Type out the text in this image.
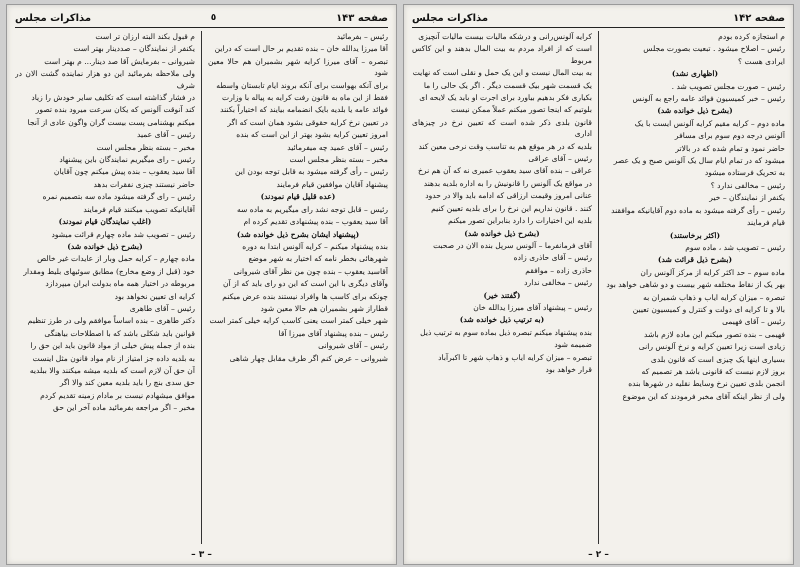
صفحه ۱۴۳
٥
مذاکرات مجلس

رئیس – بفرمائید

آقا میرزا یدالله خان – بنده تقدیم بر حال است که دراین

تبصره – آقای میرزا کرایه شهر بشمیران هم حالا معین شود

برای آنکه بهواست برای آنکه بروند ایام تابستان واسطه

فقط از این ماه به قانون رفت کرایه به پیاله با وزارت

فوائد عامه یا بلدیه بایک انضمامه بیایند که اختیاراً بکنند

در تعیین نرخ کرایه حقوقی بشود همان است که اگر

امروز تعیین کرایه بشود بهتر از این است که بنده

رئیس – آقای عمید چه میفرمائید

مخبر – بسته بنظر مجلس است

رئیس – رأی گرفته میشود به قابل توجه بودن این

پیشنهاد آقایان موافقین قیام فرمایند

(عده قلیل قیام نمودند)

رئیس – قابل توجه نشد رای میگیریم به ماده سه

آقا سید یعقوب – بنده پیشنهادی تقدیم کرده ام

(پیشنهاد ایشان بشرح ذیل خوانده شد)

بنده پیشنهاد میکنم – کرایه آلونس ابتدا به دوره

شهرهائی بخطر نامه که اختیار به شهر موضع

آقاسید یعقوب – بنده چون من نظر آقای شیروانی

وآقای دیگری با این است که این دو رای باید که از آن

چونکه برای کاسب ها وافراد نیستند بنده عرض میکنم

قطاراز شهر بشمیران هم حالا معین شود

شهر خیلی کمتر است یعنی کاسب کرایه خیلی کمتر است

رئیس – بنده پیشنهاد آقای میرزا آقا

رئیس – آقای شیروانی

شیروانی – عرض کنم اگر طرف مقابل چهار شاهی

م قبول بکند البته ارزان تر است

یکنفر از نمایندگان – صددینار بهتر است

شیروانی – بفرمایش آقا صد دینار... م بهتر است

ولی ملاحظه بفرمائید این دو هزار نماینده گشت الان در شرف

در فشار گذاشته است که تکلیف سایر خودش را زیاد

کند آنوقت آلونس که یکان سرعت میرود بنده تصور

میکنم بهشنامی پست بیست گران واگون عادی از آنجا

رئیس – آقای عمید

مخبر – بسته بنظر مجلس است

رئیس – رای میگیریم نمایندگان باین پیشنهاد

آقا سید یعقوب – بنده پیش میکنم چون آقایان

حاضر نیستند چیزی نفقرات بدهد

رئیس – رای گرفته میشود ماده سه بتصمیم نمره

آقایانیکه تصویب میکنند قیام فرمایند

(اغلب نمایندگان قیام نمودند)

رئیس – تصویب شد ماده چهارم قرائت میشود

(بشرح ذیل خوانده شد)

ماده چهارم – کرایه حمل وبار از عایدات غیر خالص

خود (قبل از وضع مخارج) مطابق سوئیهای بلیط ومقدار

مربوطه در اختیار همه ماه بدولت ایران میپردازد

کرایه ای تعیین نخواهد بود

رئیس – آقای طاهری

دکتر طاهری – بنده اساساً موافقم ولی در طرز تنظیم

قوانین باید شکلی باشد که با اصطلاحات بیاهنگی

بنده از جمله پیش خیلی از مواد قانون باید این حق را

به بلدیه داده جز امتیاز از نام مواد قانون مثل اینست

آن حق آن لازم است که بلدیه میشه میکنند والا ببلدیه

حق سدی بنچ را باید بلدیه معین کند والا اگر

موافق میشهادم نیست بر مادام زمینه تقدیم کردم

مخبر – اگر مراجعه بفرمائید ماده آخر این حق

– ۳ –
صفحه ۱۴۲
مذاکرات مجلس

م استجازه کرده بودم

رئیس – اصلاح میشود . تبعیت بصورت مجلس

ایرادی هست ؟

(اظهاری نشد)

رئیس – صورت مجلس تصویب شد .

رئیس – خبر کمیسیون فوائد عامه راجع به آلونس

(بشرح ذیل خوانده شد)

ماده دوم – کرایه مقیم کرایه آلونس ایست با یک

آلونس درجه دوم سوم برای مسافر

حاضر نمود و تمام شده که در بالاتر

میشود که در تمام ایام سال یک آلونس صبح و یک عصر

به تحریک فرستاده میشود

رئیس – مخالفی ندارد ؟

یکنفر از نمایندگان – خیر

رئیس – رأی گرفته میشود به ماده دوم آقایانیکه موافقند

قیام فرمایند

(اکثر برخاستند)

رئیس – تصویب شد ، ماده سوم

(بشرح ذیل قرائت شد)

ماده سوم – حد اکثر کرایه از مرکز آلونس ران

بهر یک از نقاط مختلفه شهر بیست و دو شاهی خواهد بود

تبصره – میزان کرایه ایاب و ذهاب شمیران به

بالا و تا کرایه ای دولت و کنترل و کمیسیون تعیین

رئیس – آقای فهیمی

فهیمی – بنده تصور میکنم این ماده لازم باشد

زیادی است زیرا تعیین کرایه و نرخ آلونس رانی

بسیاری اینها یک چیزی است که قانون بلدی

بروز لازم نیست که قانونی باشد هر تصمیم که

انجمن بلدی تعیین نرخ وسایط نقلیه در شهرها بنده

ولی از نظر اینکه آقای مخبر فرمودند که این موضوع

کرایه آلونس‌رانی و درشکه مالیات بیست مالیات آنچیزی

است که از افراد مردم به بیت المال بدهند و این کاکس مربوط

به بیت المال نیست و این یک حمل و نقلی است که نهایت

یک قسمت شهر بیک قسمت دیگر . اگر یک حالی را ما

بکیاری فکر بدهیم بیاورد برای اجرت او باید یک لایحه ای

بلوتیم که اینجا تصور میکنم عملاً ممکن نیست

قانون بلدی ذکر شده است که تعیین نرخ در چیزهای اداری

بلدیه که در هر موقع هم به تناسب وقت نرخی معین کند

رئیس – آقای عراقی

عراقی – بنده آقای سید یعقوب عمیری نه که آن هم نرخ

در مواقع یک آلونس را قانونیش را به اداره بلدیه بدهند

عنانی امروز وقیمت ارزاقی که ادامه باید والا در حدود

کنند . قانون نداریم این نرخ را برای بلدیه تعیین کنیم

بلدیه این اختیارات را دارد بنابراین تصور میکنم

(بشرح ذیل خوانده شد)

آقای فرمانفرما – آلونس سرپل بنده الان در صحبت

رئیس – آقای حاذری زاده

حاذری زاده – موافقم

رئیس – مخالفی ندارد

(گفتند خیر)

رئیس – پیشنهاد آقای میرزا یدالله خان

(به ترتیب ذیل خوانده شد)

بنده پیشنهاد میکنم تبصره ذیل بماده سوم به ترتیب ذیل

ضمیمه شود

تبصره – میزان کرایه ایاب و ذهاب شهر تا اکبرآباد

قرار خواهد بود

– ۲ –
